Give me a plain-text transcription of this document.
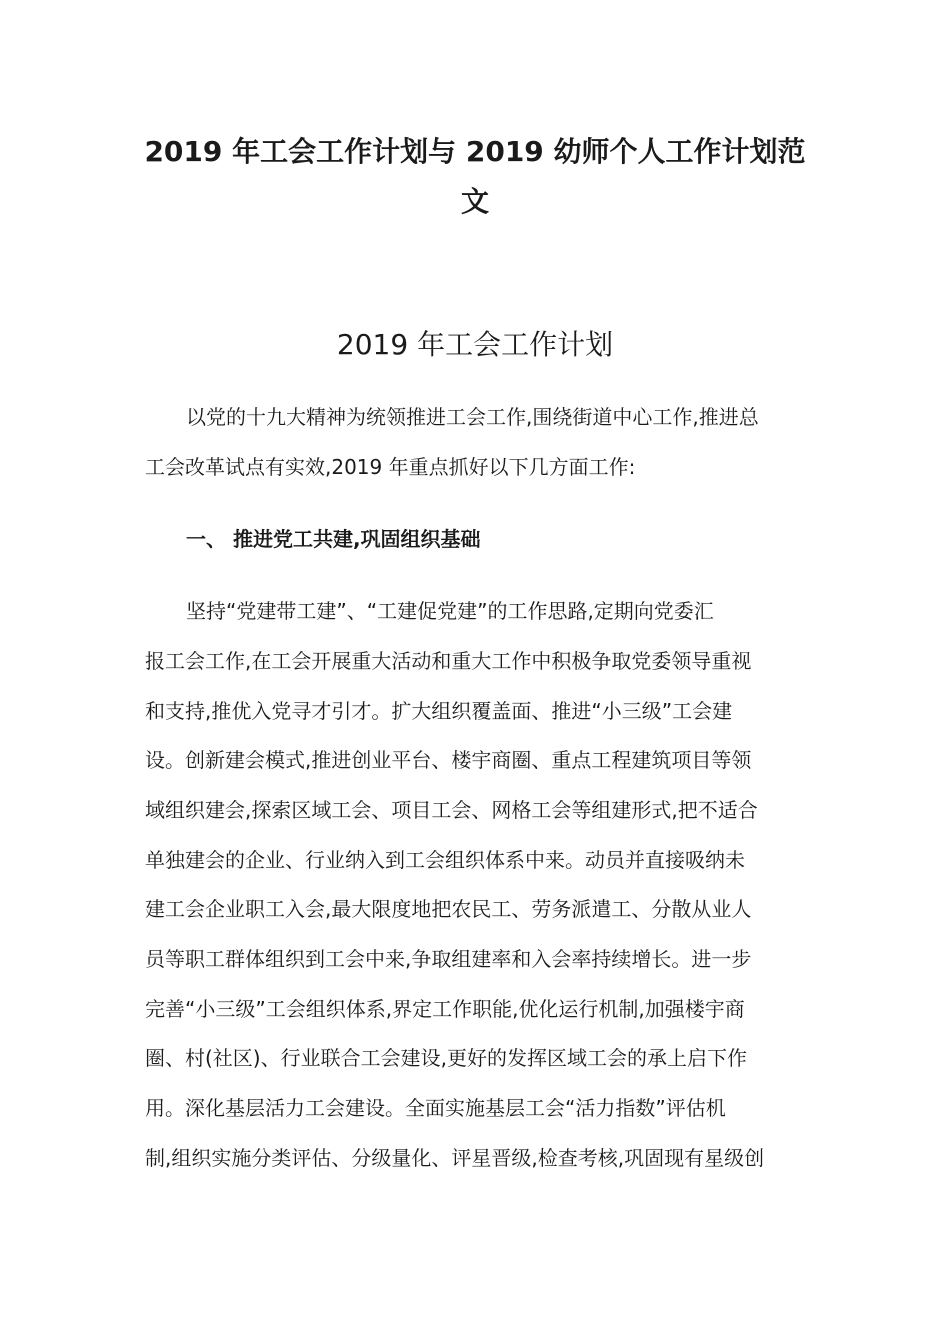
2019 年工会工作计划与 2019 幼师个人工作计划范
文
2019 年工会工作计划

以党的十九大精神为统领推进工会工作,围绕街道中心工作,推进总

工会改革试点有实效,2019 年重点抓好以下几方面工作:

一、 推进党工共建,巩固组织基础

坚持“党建带工建”、“工建促党建”的工作思路,定期向党委汇

报工会工作,在工会开展重大活动和重大工作中积极争取党委领导重视

和支持,推优入党寻才引才。扩大组织覆盖面、推进“小三级”工会建

设。创新建会模式,推进创业平台、楼宇商圈、重点工程建筑项目等领

域组织建会,探索区域工会、项目工会、网格工会等组建形式,把不适合

单独建会的企业、行业纳入到工会组织体系中来。动员并直接吸纳未

建工会企业职工入会,最大限度地把农民工、劳务派遣工、分散从业人

员等职工群体组织到工会中来,争取组建率和入会率持续增长。进一步

完善“小三级”工会组织体系,界定工作职能,优化运行机制,加强楼宇商

圈、村(社区)、行业联合工会建设,更好的发挥区域工会的承上启下作

用。深化基层活力工会建设。全面实施基层工会“活力指数”评估机

制,组织实施分类评估、分级量化、评星晋级,检查考核,巩固现有星级创
